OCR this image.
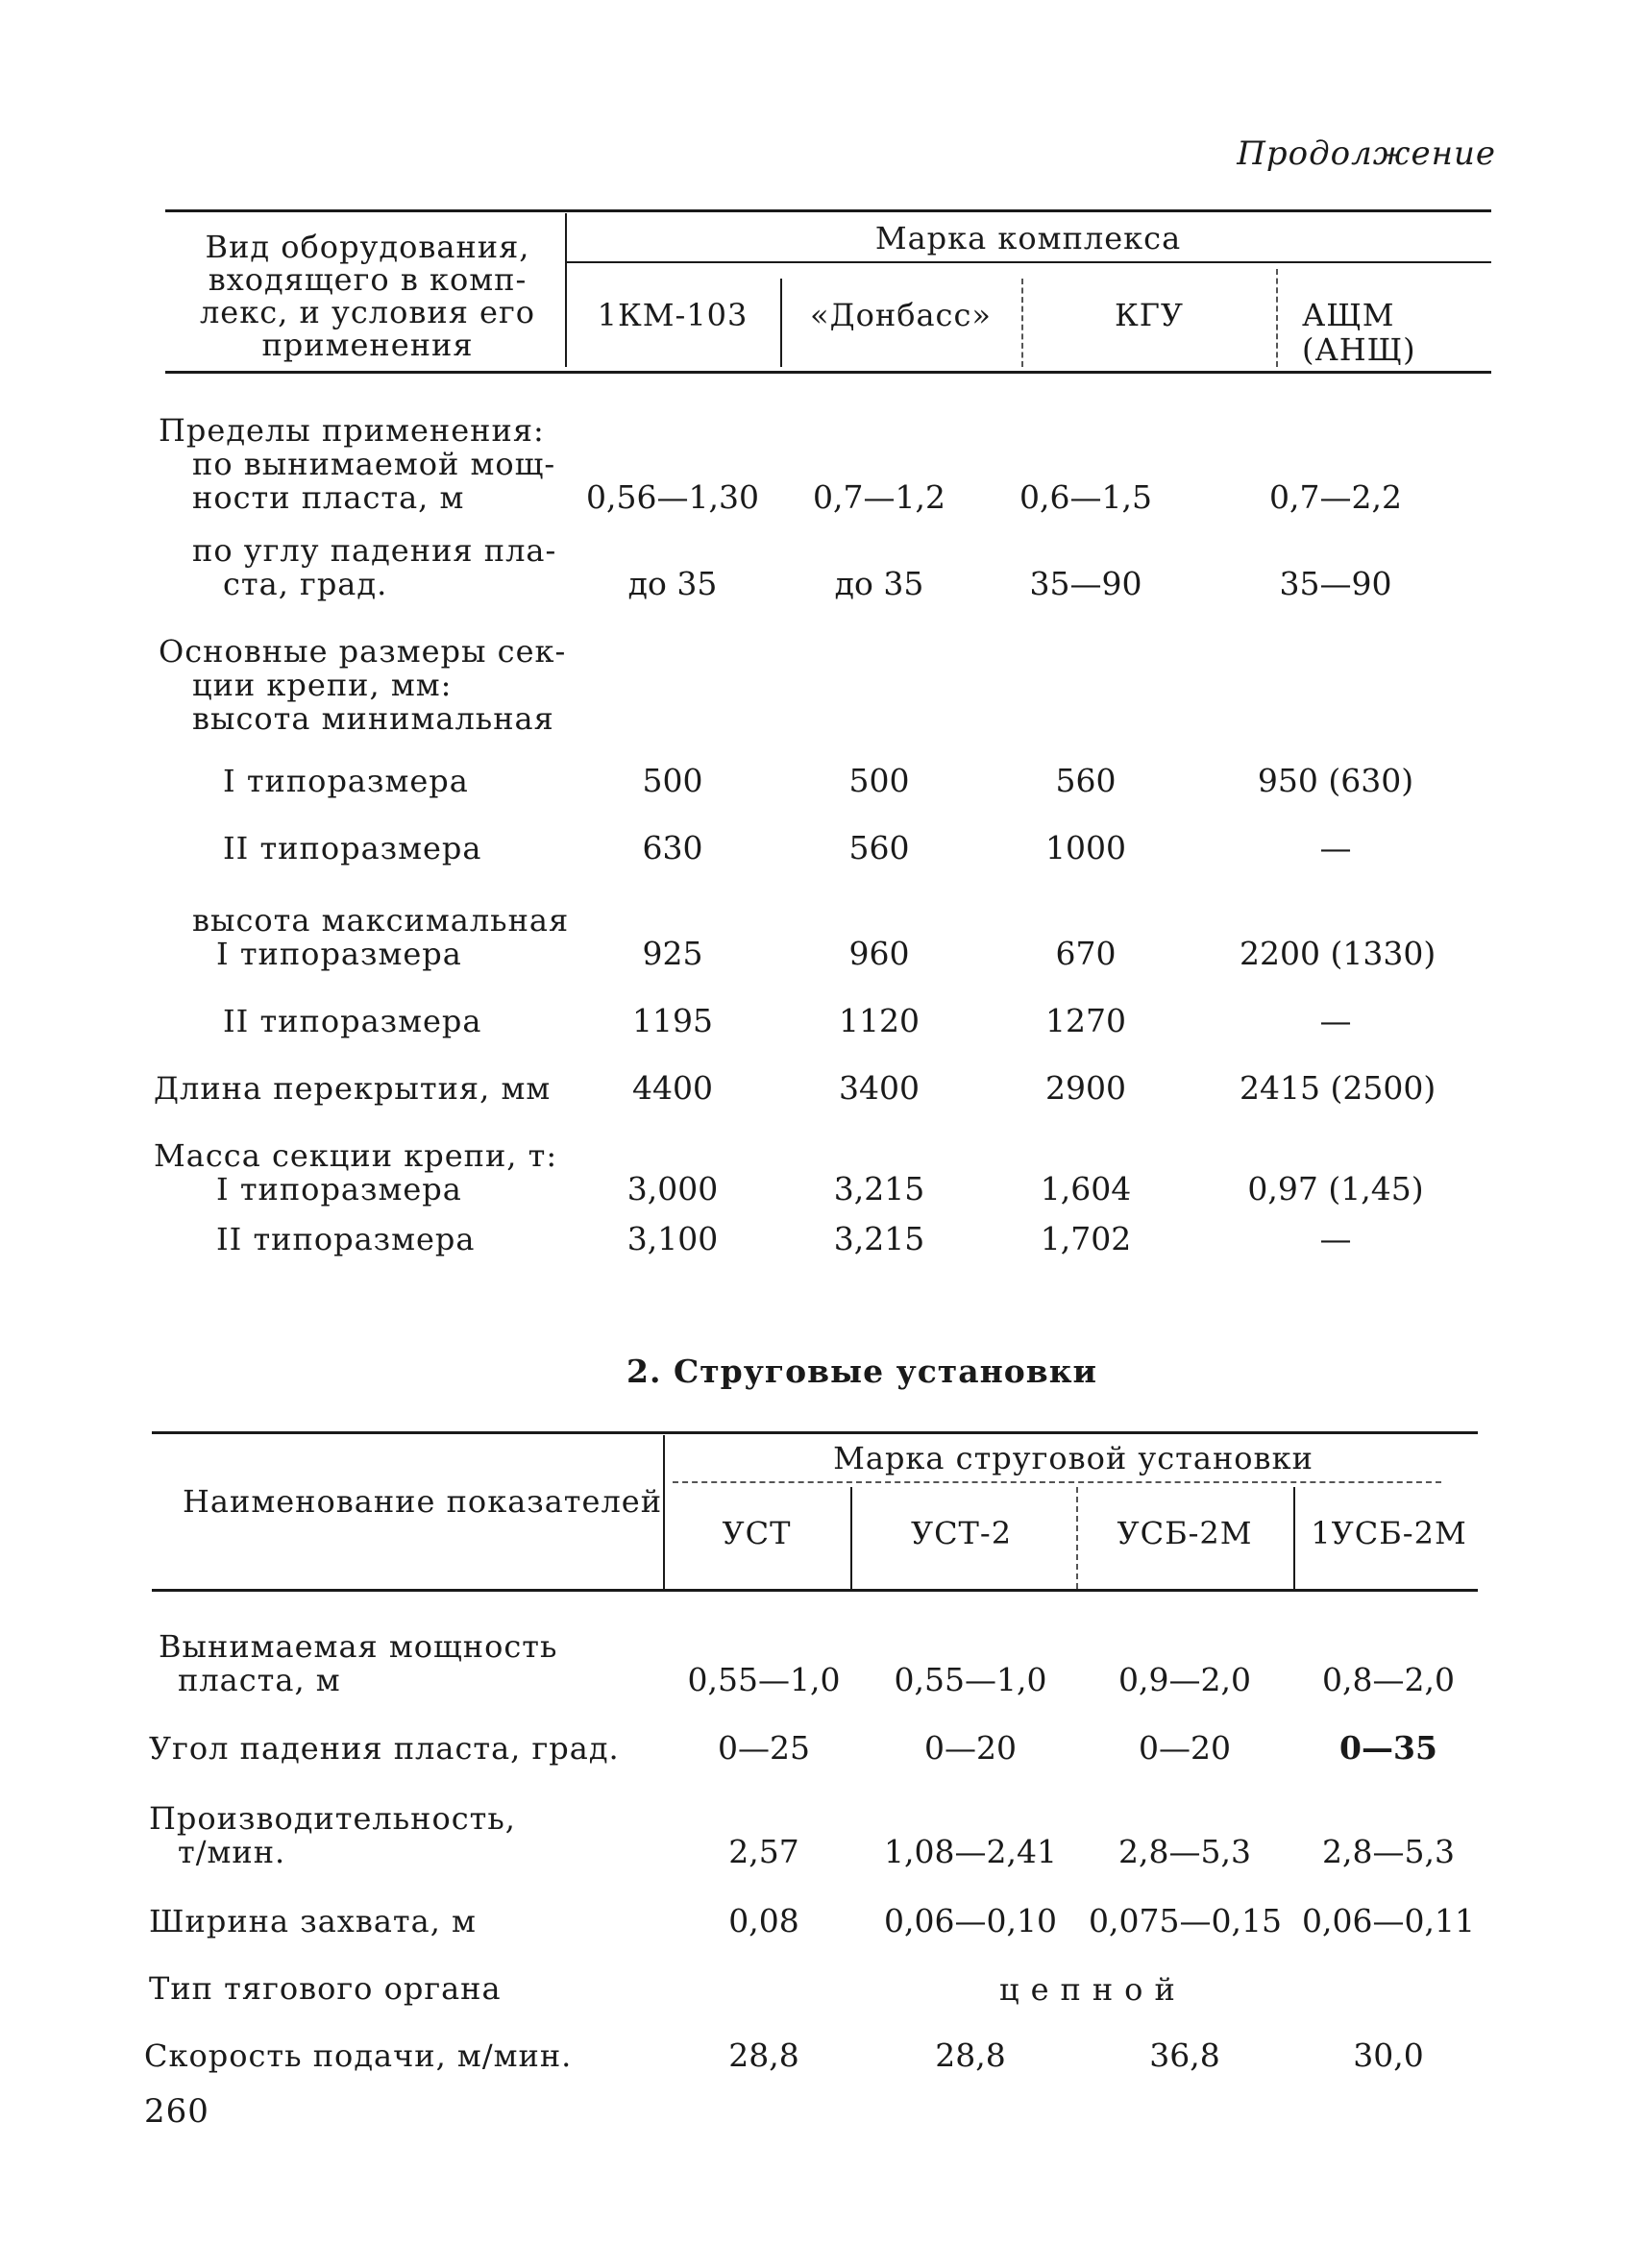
Продолжение
Вид оборудования,
входящего в комп-
лекс, и условия его
применения
Марка комплекса
1КМ-103	«Донбасс»	КГУ	АЩМ
(АНЩ)
Пределы применения:
по вынимаемой мощ-
ности пласта, м	0,56—1,30	0,7—1,2	0,6—1,5	0,7—2,2
по углу падения пла-
ста, град.	до 35	до 35	35—90	35—90
Основные размеры сек-
ции крепи, мм:
высота минимальная
I типоразмера	500	500	560	950 (630)
II типоразмера	630	560	1000	—
высота максимальная
I типоразмера	925	960	670	2200 (1330)
II типоразмера	1195	1120	1270	—
Длина перекрытия, мм	4400	3400	2900	2415 (2500)
Масса секции крепи, т:
I типоразмера	3,000	3,215	1,604	0,97 (1,45)
II типоразмера	3,100	3,215	1,702	—
2. Струговые установки
Наименование показателей
Марка струговой установки
УСТ	УСТ-2	УСБ-2М	1УСБ-2М
Вынимаемая мощность
пласта, м	0,55—1,0	0,55—1,0	0,9—2,0	0,8—2,0
Угол падения пласта, град.	0—25	0—20	0—20	0—35
Производительность,
т/мин.	2,57	1,08—2,41	2,8—5,3	2,8—5,3
Ширина захвата, м	0,08	0,06—0,10	0,075—0,15 0,06—0,11
Тип тягового органа	цепной
Скорость подачи, м/мин.	28,8	28,8	36,8	30,0
260
